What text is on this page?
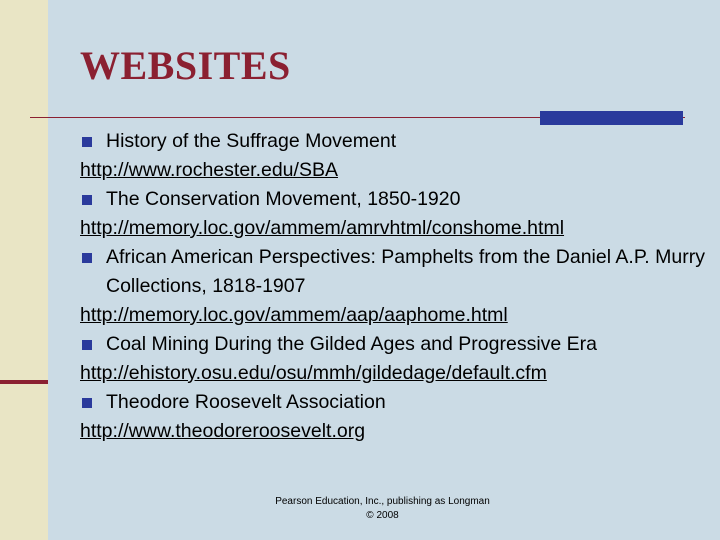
WEBSITES
History of the Suffrage Movement
http://www.rochester.edu/SBA
The Conservation Movement, 1850-1920
http://memory.loc.gov/ammem/amrvhtml/conshome.html
African American Perspectives: Pamphelts from the Daniel A.P. Murry Collections, 1818-1907
http://memory.loc.gov/ammem/aap/aaphome.html
Coal Mining During the Gilded Ages and Progressive Era
http://ehistory.osu.edu/osu/mmh/gildedage/default.cfm
Theodore Roosevelt Association
http://www.theodoreroosevelt.org
Pearson Education, Inc., publishing as Longman
© 2008
